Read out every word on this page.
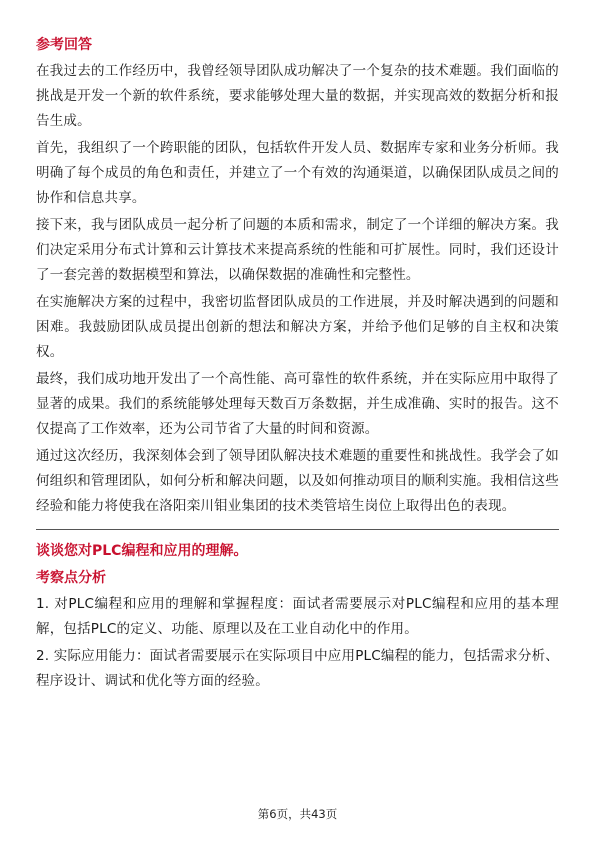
参考回答

在我过去的工作经历中，我曾经领导团队成功解决了一个复杂的技术难题。我们面临的挑战是开发一个新的软件系统，要求能够处理大量的数据，并实现高效的数据分析和报告生成。

首先，我组织了一个跨职能的团队，包括软件开发人员、数据库专家和业务分析师。我明确了每个成员的角色和责任，并建立了一个有效的沟通渠道，以确保团队成员之间的协作和信息共享。

接下来，我与团队成员一起分析了问题的本质和需求，制定了一个详细的解决方案。我们决定采用分布式计算和云计算技术来提高系统的性能和可扩展性。同时，我们还设计了一套完善的数据模型和算法，以确保数据的准确性和完整性。

在实施解决方案的过程中，我密切监督团队成员的工作进展，并及时解决遇到的问题和困难。我鼓励团队成员提出创新的想法和解决方案，并给予他们足够的自主权和决策权。

最终，我们成功地开发出了一个高性能、高可靠性的软件系统，并在实际应用中取得了显著的成果。我们的系统能够处理每天数百万条数据，并生成准确、实时的报告。这不仅提高了工作效率，还为公司节省了大量的时间和资源。

通过这次经历，我深刻体会到了领导团队解决技术难题的重要性和挑战性。我学会了如何组织和管理团队，如何分析和解决问题，以及如何推动项目的顺利实施。我相信这些经验和能力将使我在洛阳栾川钼业集团的技术类管培生岗位上取得出色的表现。

谈谈您对PLC编程和应用的理解。
考察点分析

1. 对PLC编程和应用的理解和掌握程度：面试者需要展示对PLC编程和应用的基本理解，包括PLC的定义、功能、原理以及在工业自动化中的作用。

2. 实际应用能力：面试者需要展示在实际项目中应用PLC编程的能力，包括需求分析、程序设计、调试和优化等方面的经验。

第6页，共43页
